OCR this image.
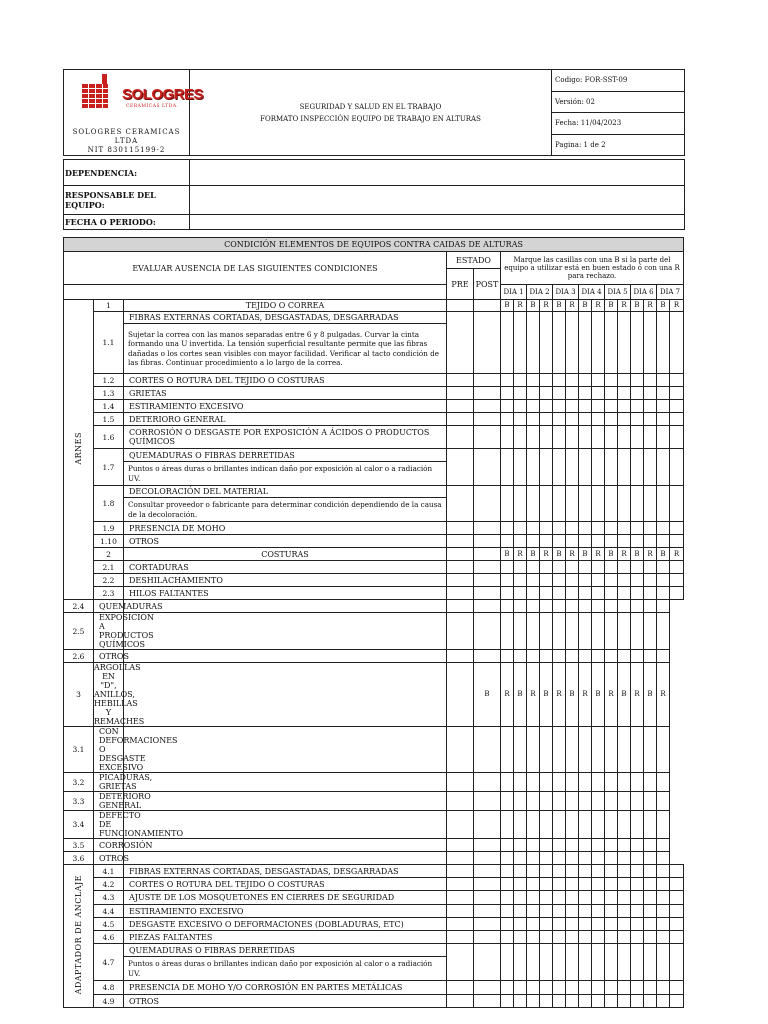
SOLOGRES
CERAMICAS LTDA.
SOLOGRES CERAMICAS LTDA
NIT 830115199-2

SEGURIDAD Y SALUD EN EL TRABAJO
FORMATO INSPECCIÓN EQUIPO DE TRABAJO EN ALTURAS
	Codigo: FOR-SST-09
Versión: 02
Fecha: 11/04/2023
Pagina: 1 de 2
DEPENDENCIA:	
RESPONSABLE DEL EQUIPO:	
FECHA O PERIODO:	
CONDICIÓN ELEMENTOS DE EQUIPOS CONTRA CAIDAS DE ALTURAS																		
EVALUAR AUSENCIA DE LAS SIGUIENTES CONDICIONES			ESTADO		Marque las casillas con una B si la parte del equipo a utilizar está en buen estado ó con una R para rechazo.													
			PRE	POST														
					DIA 1		DIA 2		DIA 3		DIA 4		DIA 5		DIA 6		DIA 7	
ARNÉS	1	TEJIDO O CORREA			B	R	B	R	B	R	B	R	B	R	B	R	B	R
	1.1	FIBRAS EXTERNAS CORTADAS, DESGASTADAS, DESGARRADAS																
		Sujetar la correa con las manos separadas entre 6 y 8 pulgadas. Curvar la cinta formando una U invertida. La tensión superficial resultante permite que las fibras dañadas o los cortes sean visibles con mayor facilidad. Verificar al tacto condición de las fibras. Continuar procedimiento a lo largo de la correa.																
	1.2	CORTES O ROTURA DEL TEJIDO O COSTURAS																
	1.3	GRIETAS																
	1.4	ESTIRAMIENTO EXCESIVO																
	1.5	DETERIORO GENERAL																
	1.6	CORROSIÓN O DESGASTE POR EXPOSICIÓN A ÁCIDOS O PRODUCTOS QUÍMICOS																
	1.7	QUEMADURAS O FIBRAS DERRETIDAS																
		Puntos o áreas duras o brillantes indican daño por exposición al calor o a radiación UV.																
	1.8	DECOLORACIÓN DEL MATERIAL																
		Consultar proveedor o fabricante para determinar condición dependiendo de la causa de la decoloración.																
	1.9	PRESENCIA DE MOHO																
	1.10	OTROS																
	2	COSTURAS			B	R	B	R	B	R	B	R	B	R	B	R	B	R
	2.1	CORTADURAS																
	2.2	DESHILACHAMIENTO																
	2.3	HILOS FALTANTES																
2.4	QUEMADURAS																	
2.5	EXPOSICIÓN A PRODUCTOS QUÍMICOS																	
2.6	OTROS																	
3	ARGOLLAS EN "D", ANILLOS, HEBILLAS Y REMACHES			B	R	B	R	B	R	B	R	B	R	B	R	B	R	
3.1	CON DEFORMACIONES O DESGASTE EXCESIVO																	
3.2	PICADURAS, GRIETAS																	
3.3	DETERIORO GENERAL																	
3.4	DEFECTO DE FUNCIONAMIENTO																	
3.5	CORROSIÓN																	
3.6	OTROS																	
ADAPTADOR DE ANCLAJE	4.1	FIBRAS EXTERNAS CORTADAS, DESGASTADAS, DESGARRADAS																
	4.2	CORTES O ROTURA DEL TEJIDO O COSTURAS																
	4.3	AJUSTE DE LOS MOSQUETONES EN CIERRES DE SEGURIDAD																
	4.4	ESTIRAMIENTO EXCESIVO																
	4.5	DESGASTE EXCESIVO O DEFORMACIONES (DOBLADURAS, ETC)																
	4.6	PIEZAS FALTANTES																
	4.7	QUEMADURAS O FIBRAS DERRETIDAS																
		Puntos o áreas duras o brillantes indican daño por exposición al calor o a radiación UV.																
	4.8	PRESENCIA DE MOHO Y/O CORROSIÓN EN PARTES METÁLICAS																
	4.9	OTROS																
